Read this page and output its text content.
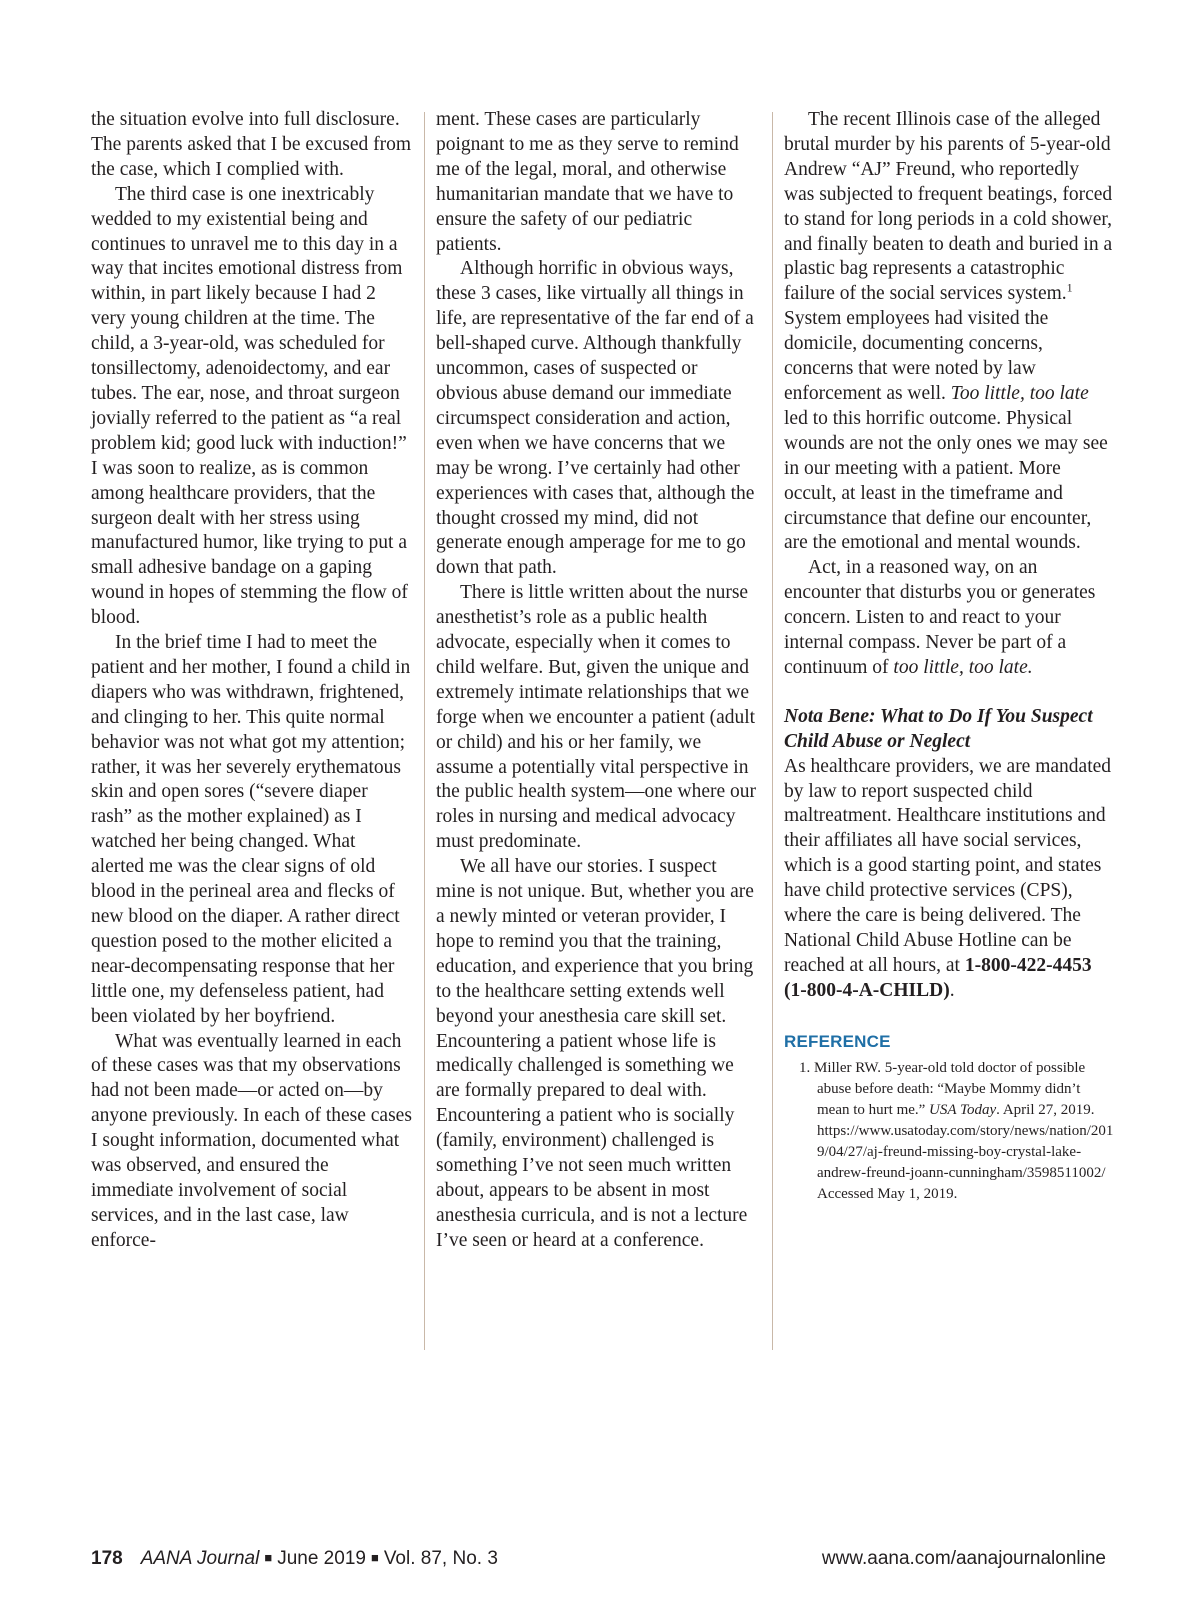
the situation evolve into full disclosure. The parents asked that I be excused from the case, which I complied with.

The third case is one inextricably wedded to my existential being and continues to unravel me to this day in a way that incites emotional distress from within, in part likely because I had 2 very young children at the time. The child, a 3-year-old, was scheduled for tonsillectomy, adenoidectomy, and ear tubes. The ear, nose, and throat surgeon jovially referred to the patient as “a real problem kid; good luck with induction!” I was soon to realize, as is common among healthcare providers, that the surgeon dealt with her stress using manufactured humor, like trying to put a small adhesive bandage on a gaping wound in hopes of stemming the flow of blood.

In the brief time I had to meet the patient and her mother, I found a child in diapers who was withdrawn, frightened, and clinging to her. This quite normal behavior was not what got my attention; rather, it was her severely erythematous skin and open sores (“severe diaper rash” as the mother explained) as I watched her being changed. What alerted me was the clear signs of old blood in the perineal area and flecks of new blood on the diaper. A rather direct question posed to the mother elicited a near-decompensating response that her little one, my defenseless patient, had been violated by her boyfriend.

What was eventually learned in each of these cases was that my observations had not been made—or acted on—by anyone previously. In each of these cases I sought information, documented what was observed, and ensured the immediate involvement of social services, and in the last case, law enforce-

ment. These cases are particularly poignant to me as they serve to remind me of the legal, moral, and otherwise humanitarian mandate that we have to ensure the safety of our pediatric patients.

Although horrific in obvious ways, these 3 cases, like virtually all things in life, are representative of the far end of a bell-shaped curve. Although thankfully uncommon, cases of suspected or obvious abuse demand our immediate circumspect consideration and action, even when we have concerns that we may be wrong. I’ve certainly had other experiences with cases that, although the thought crossed my mind, did not generate enough amperage for me to go down that path.

There is little written about the nurse anesthetist’s role as a public health advocate, especially when it comes to child welfare. But, given the unique and extremely intimate relationships that we forge when we encounter a patient (adult or child) and his or her family, we assume a potentially vital perspective in the public health system—one where our roles in nursing and medical advocacy must predominate.

We all have our stories. I suspect mine is not unique. But, whether you are a newly minted or veteran provider, I hope to remind you that the training, education, and experience that you bring to the healthcare setting extends well beyond your anesthesia care skill set. Encountering a patient whose life is medically challenged is something we are formally prepared to deal with. Encountering a patient who is socially (family, environment) challenged is something I’ve not seen much written about, appears to be absent in most anesthesia curricula, and is not a lecture I’ve seen or heard at a conference.

The recent Illinois case of the alleged brutal murder by his parents of 5-year-old Andrew “AJ” Freund, who reportedly was subjected to frequent beatings, forced to stand for long periods in a cold shower, and finally beaten to death and buried in a plastic bag represents a catastrophic failure of the social services system.$^1$ System employees had visited the domicile, documenting concerns, concerns that were noted by law enforcement as well. Too little, too late led to this horrific outcome. Physical wounds are not the only ones we may see in our meeting with a patient. More occult, at least in the timeframe and circumstance that define our encounter, are the emotional and mental wounds.

Act, in a reasoned way, on an encounter that disturbs you or generates concern. Listen to and react to your internal compass. Never be part of a continuum of too little, too late.

Nota Bene: What to Do If You Suspect Child Abuse or Neglect

As healthcare providers, we are mandated by law to report suspected child maltreatment. Healthcare institutions and their affiliates all have social services, which is a good starting point, and states have child protective services (CPS), where the care is being delivered. The National Child Abuse Hotline can be reached at all hours, at 1-800-422-4453 (1-800-4-A-CHILD).

REFERENCE

1. Miller RW. 5-year-old told doctor of possible abuse before death: “Maybe Mommy didn’t mean to hurt me.” USA Today. April 27, 2019. https://www.usatoday.com/story/news/nation/2019/04/27/aj-freund-missing-boy-crystal-lake-andrew-freund-joann-cunningham/3598511002/ Accessed May 1, 2019.

178 AANA Journal ■ June 2019 ■ Vol. 87, No. 3	www.aana.com/aanajournalonline
